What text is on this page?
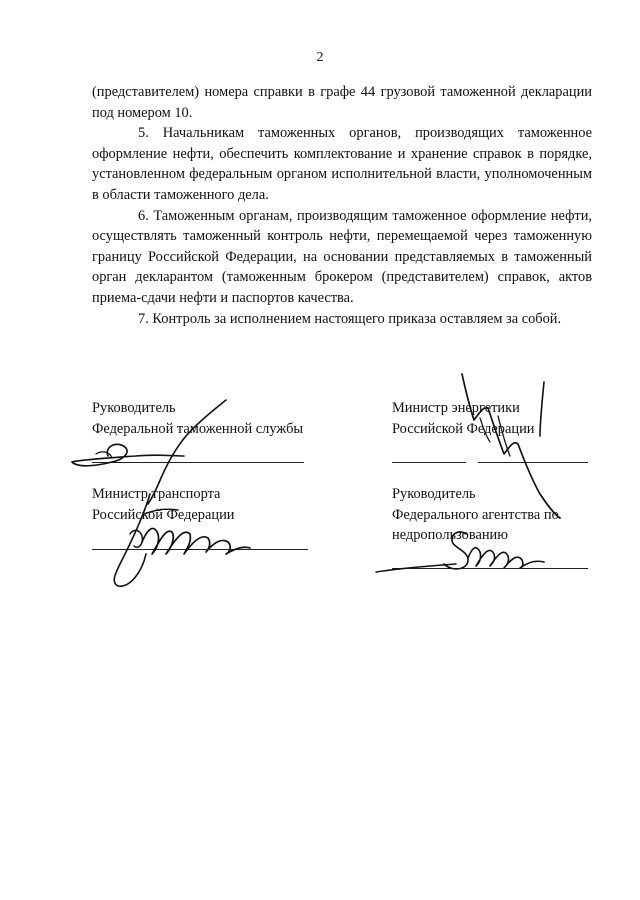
2

(представителем) номера справки в графе 44 грузовой таможенной декларации под номером 10.

5. Начальникам таможенных органов, производящих таможенное оформление нефти, обеспечить комплектование и хранение справок в порядке, установленном федеральным органом исполнительной власти, уполномоченным в области таможенного дела.

6. Таможенным органам, производящим таможенное оформление нефти, осуществлять таможенный контроль нефти, перемещаемой через таможенную границу Российской Федерации, на основании представляемых в таможенный орган декларантом (таможенным брокером (представителем) справок, актов приема-сдачи нефти и паспортов качества.

7. Контроль за исполнением настоящего приказа оставляем за собой.

Руководитель
Федеральной таможенной службы
Министр энергетики
Российской Федерации
Министр транспорта
Российской Федерации
Руководитель
Федерального агентства по
недропользованию
